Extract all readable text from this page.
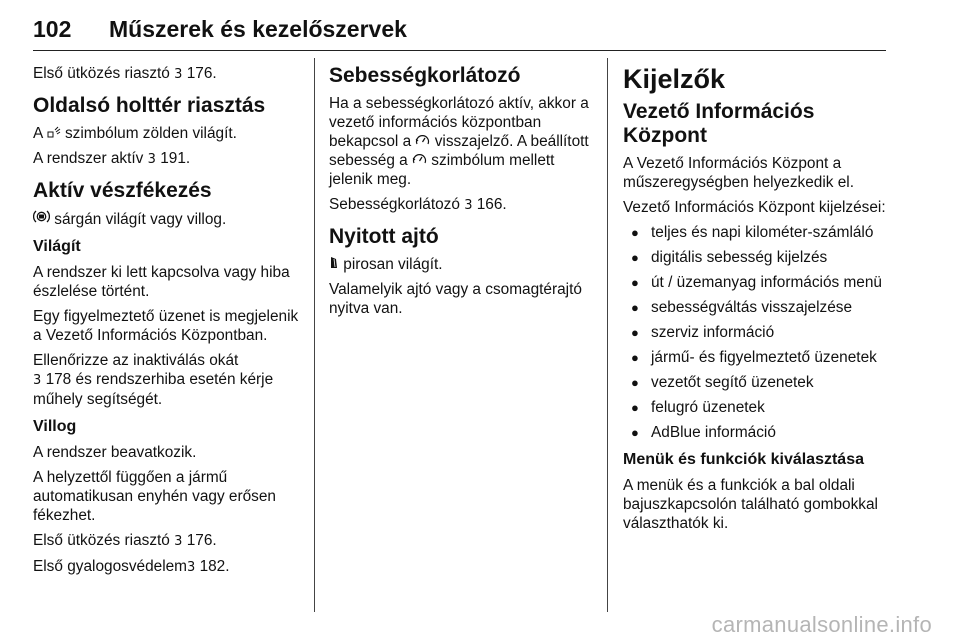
102 Műszerek és kezelőszervek

Első ütközés riasztó 3 176.

Oldalsó holttér riasztás

A szimbólum zölden világít.

A rendszer aktív 3 191.

Aktív vészfékezés

sárgán világít vagy villog.

Világít

A rendszer ki lett kapcsolva vagy hiba észlelése történt.

Egy figyelmeztető üzenet is megjelenik a Vezető Információs Központban.

Ellenőrizze az inaktiválás okát
3 178 és rendszerhiba esetén kérje műhely segítségét.

Villog

A rendszer beavatkozik.

A helyzettől függően a jármű automatikusan enyhén vagy erősen fékezhet.

Első ütközés riasztó 3 176.

Első gyalogosvédelem3 182.

Sebességkorlátozó

Ha a sebességkorlátozó aktív, akkor a vezető információs központban bekapcsol a visszajelző. A beállított sebesség a szimbólum mellett jelenik meg.

Sebességkorlátozó 3 166.

Nyitott ajtó

pirosan világít.

Valamelyik ajtó vagy a csomagtérajtó nyitva van.

Kijelzők
Vezető Információs Központ

A Vezető Információs Központ a műszeregységben helyezkedik el.

Vezető Információs Központ kijelzései:

● teljes és napi kilométer-számláló
● digitális sebesség kijelzés
● út / üzemanyag információs menü
● sebességváltás visszajelzése
● szerviz információ
● jármű- és figyelmeztető üzenetek
● vezetőt segítő üzenetek
● felugró üzenetek
● AdBlue információ
Menük és funkciók kiválasztása

A menük és a funkciók a bal oldali bajuszkapcsolón található gombokkal választhatók ki.

carmanualsonline.info
